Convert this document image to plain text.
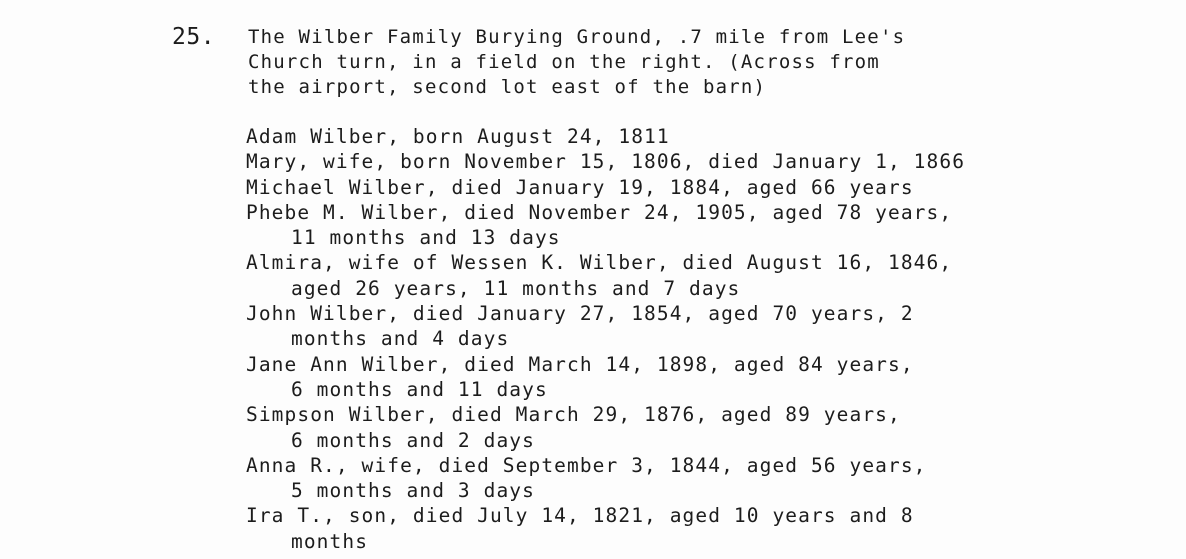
25. The Wilber Family Burying Ground, .7 mile from Lee's
Church turn, in a field on the right. (Across from
the airport, second lot east of the barn)
Adam Wilber, born August 24, 1811
Mary, wife, born November 15, 1806, died January 1, 1866
Michael Wilber, died January 19, 1884, aged 66 years
Phebe M. Wilber, died November 24, 1905, aged 78 years,
11 months and 13 days
Almira, wife of Wessen K. Wilber, died August 16, 1846,
aged 26 years, 11 months and 7 days
John Wilber, died January 27, 1854, aged 70 years, 2
months and 4 days
Jane Ann Wilber, died March 14, 1898, aged 84 years,
6 months and 11 days
Simpson Wilber, died March 29, 1876, aged 89 years,
6 months and 2 days
Anna R., wife, died September 3, 1844, aged 56 years,
5 months and 3 days
Ira T., son, died July 14, 1821, aged 10 years and 8
months
